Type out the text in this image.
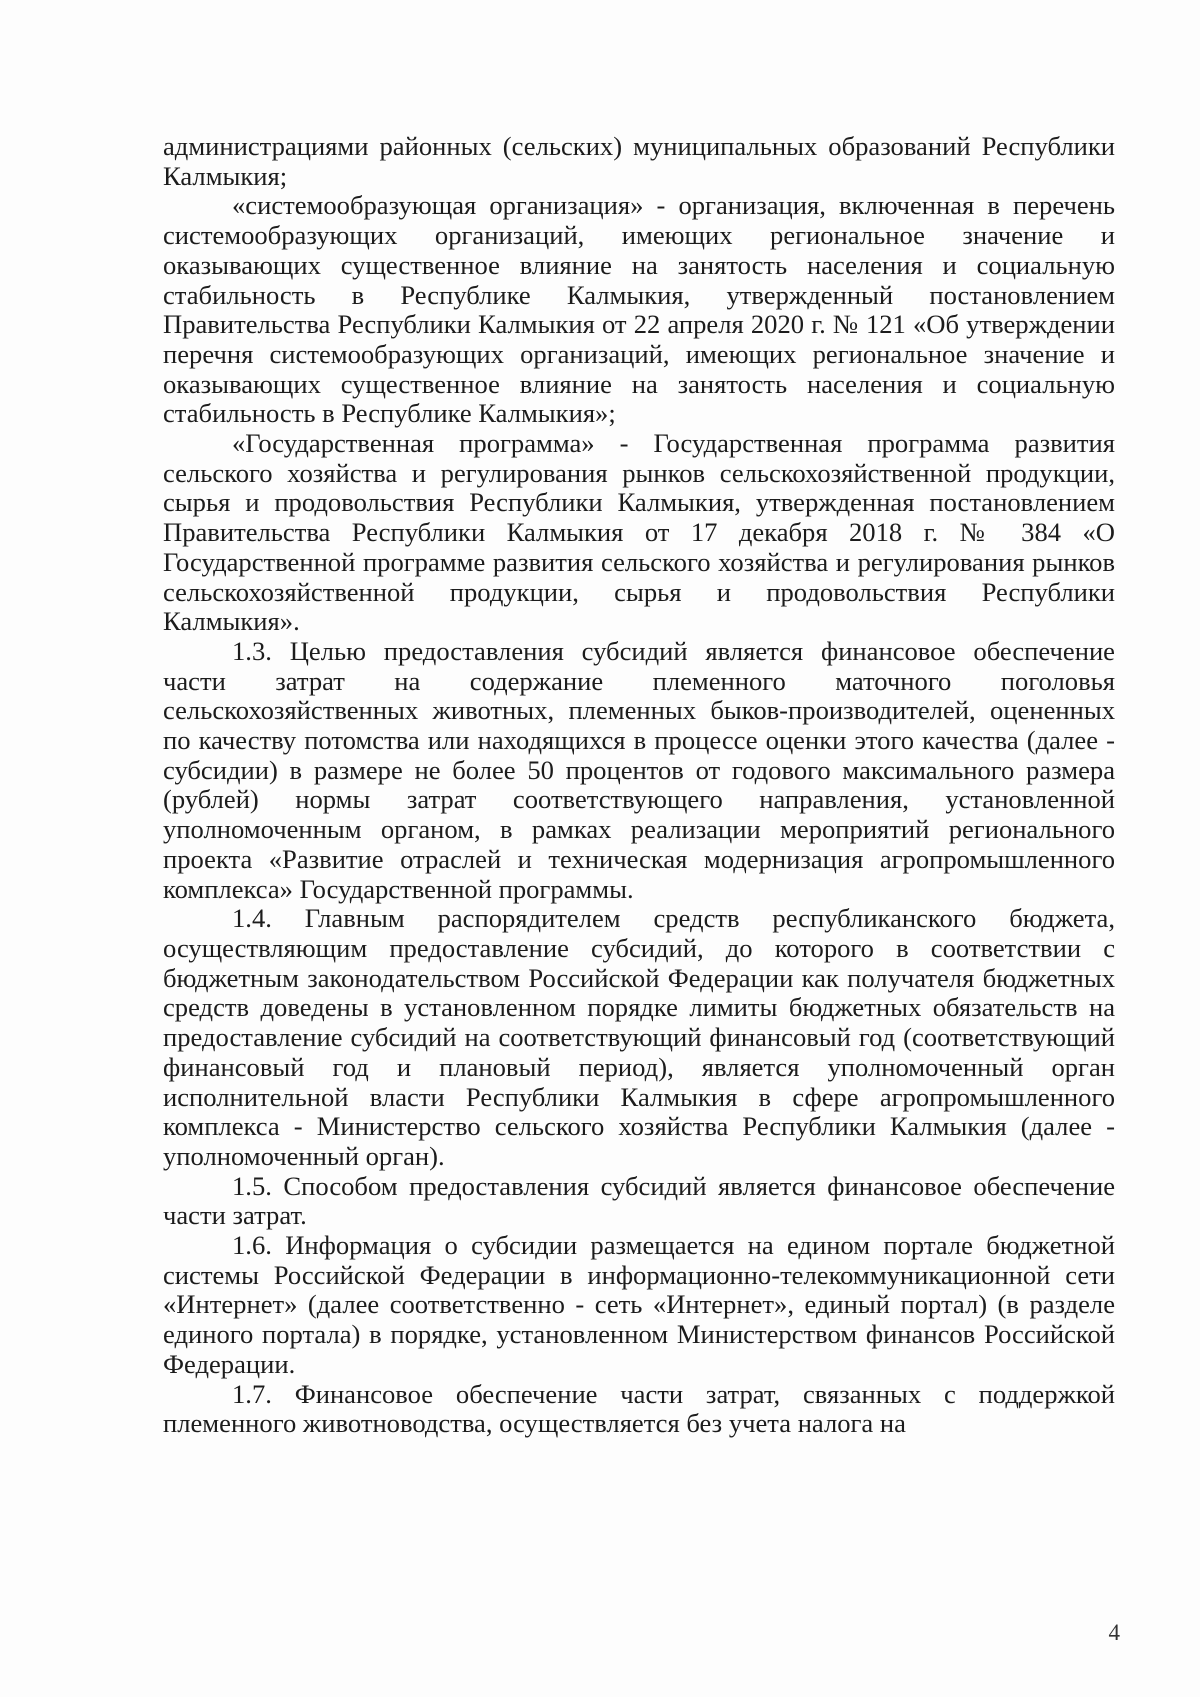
администрациями районных (сельских) муниципальных образований Республики Калмыкия;

«системообразующая организация» - организация, включенная в перечень системообразующих организаций, имеющих региональное значение и оказывающих существенное влияние на занятость населения и социальную стабильность в Республике Калмыкия, утвержденный постановлением Правительства Республики Калмыкия от 22 апреля 2020 г. № 121 «Об утверждении перечня системообразующих организаций, имеющих региональное значение и оказывающих существенное влияние на занятость населения и социальную стабильность в Республике Калмыкия»;

«Государственная программа» - Государственная программа развития сельского хозяйства и регулирования рынков сельскохозяйственной продукции, сырья и продовольствия Республики Калмыкия, утвержденная постановлением Правительства Республики Калмыкия от 17 декабря 2018 г. № 384 «О Государственной программе развития сельского хозяйства и регулирования рынков сельскохозяйственной продукции, сырья и продовольствия Республики Калмыкия».

1.3. Целью предоставления субсидий является финансовое обеспечение части затрат на содержание племенного маточного поголовья сельскохозяйственных животных, племенных быков-производителей, оцененных по качеству потомства или находящихся в процессе оценки этого качества (далее - субсидии) в размере не более 50 процентов от годового максимального размера (рублей) нормы затрат соответствующего направления, установленной уполномоченным органом, в рамках реализации мероприятий регионального проекта «Развитие отраслей и техническая модернизация агропромышленного комплекса» Государственной программы.

1.4. Главным распорядителем средств республиканского бюджета, осуществляющим предоставление субсидий, до которого в соответствии с бюджетным законодательством Российской Федерации как получателя бюджетных средств доведены в установленном порядке лимиты бюджетных обязательств на предоставление субсидий на соответствующий финансовый год (соответствующий финансовый год и плановый период), является уполномоченный орган исполнительной власти Республики Калмыкия в сфере агропромышленного комплекса - Министерство сельского хозяйства Республики Калмыкия (далее - уполномоченный орган).

1.5. Способом предоставления субсидий является финансовое обеспечение части затрат.

1.6. Информация о субсидии размещается на едином портале бюджетной системы Российской Федерации в информационно-телекоммуникационной сети «Интернет» (далее соответственно - сеть «Интернет», единый портал) (в разделе единого портала) в порядке, установленном Министерством финансов Российской Федерации.

1.7. Финансовое обеспечение части затрат, связанных с поддержкой племенного животноводства, осуществляется без учета налога на

4
